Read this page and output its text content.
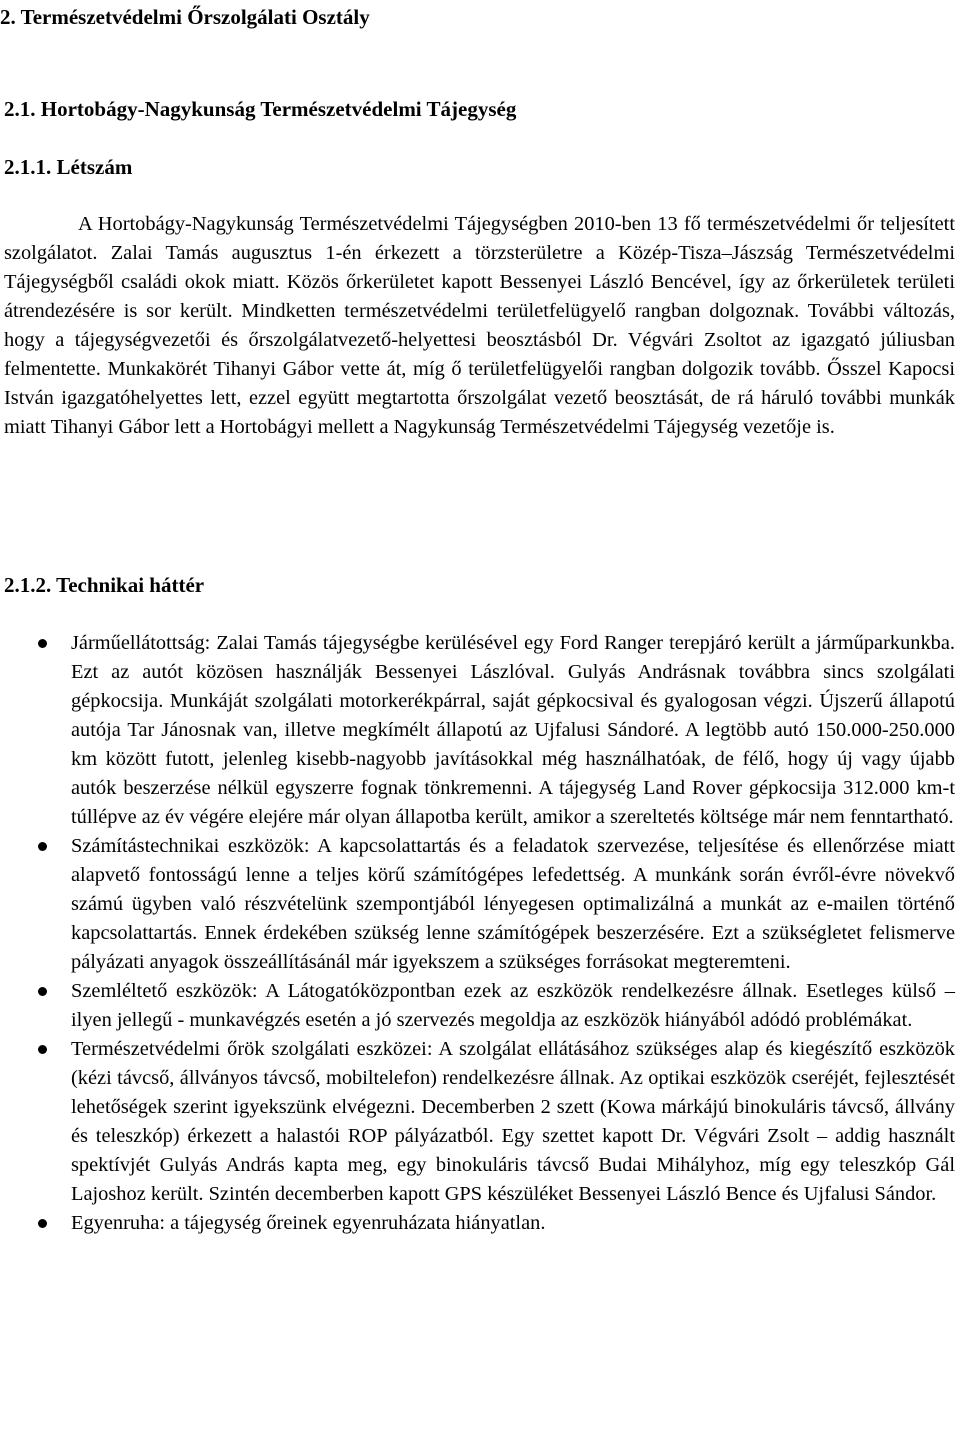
2. Természetvédelmi Őrszolgálati Osztály
2.1. Hortobágy-Nagykunság Természetvédelmi Tájegység
2.1.1. Létszám

A Hortobágy-Nagykunság Természetvédelmi Tájegységben 2010-ben 13 fő természetvédelmi őr teljesített szolgálatot. Zalai Tamás augusztus 1-én érkezett a törzsterületre a Közép-Tisza–Jászság Természetvédelmi Tájegységből családi okok miatt. Közös őrkerületet kapott Bessenyei László Bencével, így az őrkerületek területi átrendezésére is sor került. Mindketten természetvédelmi területfelügyelő rangban dolgoznak. További változás, hogy a tájegységvezetői és őrszolgálatvezető-helyettesi beosztásból Dr. Végvári Zsoltot az igazgató júliusban felmentette. Munkakörét Tihanyi Gábor vette át, míg ő területfelügyelői rangban dolgozik tovább. Ősszel Kapocsi István igazgatóhelyettes lett, ezzel együtt megtartotta őrszolgálat vezető beosztását, de rá háruló további munkák miatt Tihanyi Gábor lett a Hortobágyi mellett a Nagykunság Természetvédelmi Tájegység vezetője is.

2.1.2. Technikai háttér
Járműellátottság: Zalai Tamás tájegységbe kerülésével egy Ford Ranger terepjáró került a járműparkunkba. Ezt az autót közösen használják Bessenyei Lászlóval. Gulyás Andrásnak továbbra sincs szolgálati gépkocsija. Munkáját szolgálati motorkerékpárral, saját gépkocsival és gyalogosan végzi. Újszerű állapotú autója Tar Jánosnak van, illetve megkímélt állapotú az Ujfalusi Sándoré. A legtöbb autó 150.000-250.000 km között futott, jelenleg kisebb-nagyobb javításokkal még használhatóak, de félő, hogy új vagy újabb autók beszerzése nélkül egyszerre fognak tönkremenni. A tájegység Land Rover gépkocsija 312.000 km-t túllépve az év végére elejére már olyan állapotba került, amikor a szereltetés költsége már nem fenntartható.
Számítástechnikai eszközök: A kapcsolattartás és a feladatok szervezése, teljesítése és ellenőrzése miatt alapvető fontosságú lenne a teljes körű számítógépes lefedettség. A munkánk során évről-évre növekvő számú ügyben való részvételünk szempontjából lényegesen optimalizálná a munkát az e-mailen történő kapcsolattartás. Ennek érdekében szükség lenne számítógépek beszerzésére. Ezt a szükségletet felismerve pályázati anyagok összeállításánál már igyekszem a szükséges forrásokat megteremteni.
Szemléltető eszközök: A Látogatóközpontban ezek az eszközök rendelkezésre állnak. Esetleges külső – ilyen jellegű - munkavégzés esetén a jó szervezés megoldja az eszközök hiányából adódó problémákat.
Természetvédelmi őrök szolgálati eszközei: A szolgálat ellátásához szükséges alap és kiegészítő eszközök (kézi távcső, állványos távcső, mobiltelefon) rendelkezésre állnak. Az optikai eszközök cseréjét, fejlesztését lehetőségek szerint igyekszünk elvégezni. Decemberben 2 szett (Kowa márkájú binokuláris távcső, állvány és teleszkóp) érkezett a halastói ROP pályázatból. Egy szettet kapott Dr. Végvári Zsolt – addig használt spektívjét Gulyás András kapta meg, egy binokuláris távcső Budai Mihályhoz, míg egy teleszkóp Gál Lajoshoz került. Szintén decemberben kapott GPS készüléket Bessenyei László Bence és Ujfalusi Sándor.
Egyenruha: a tájegység őreinek egyenruházata hiányatlan.
